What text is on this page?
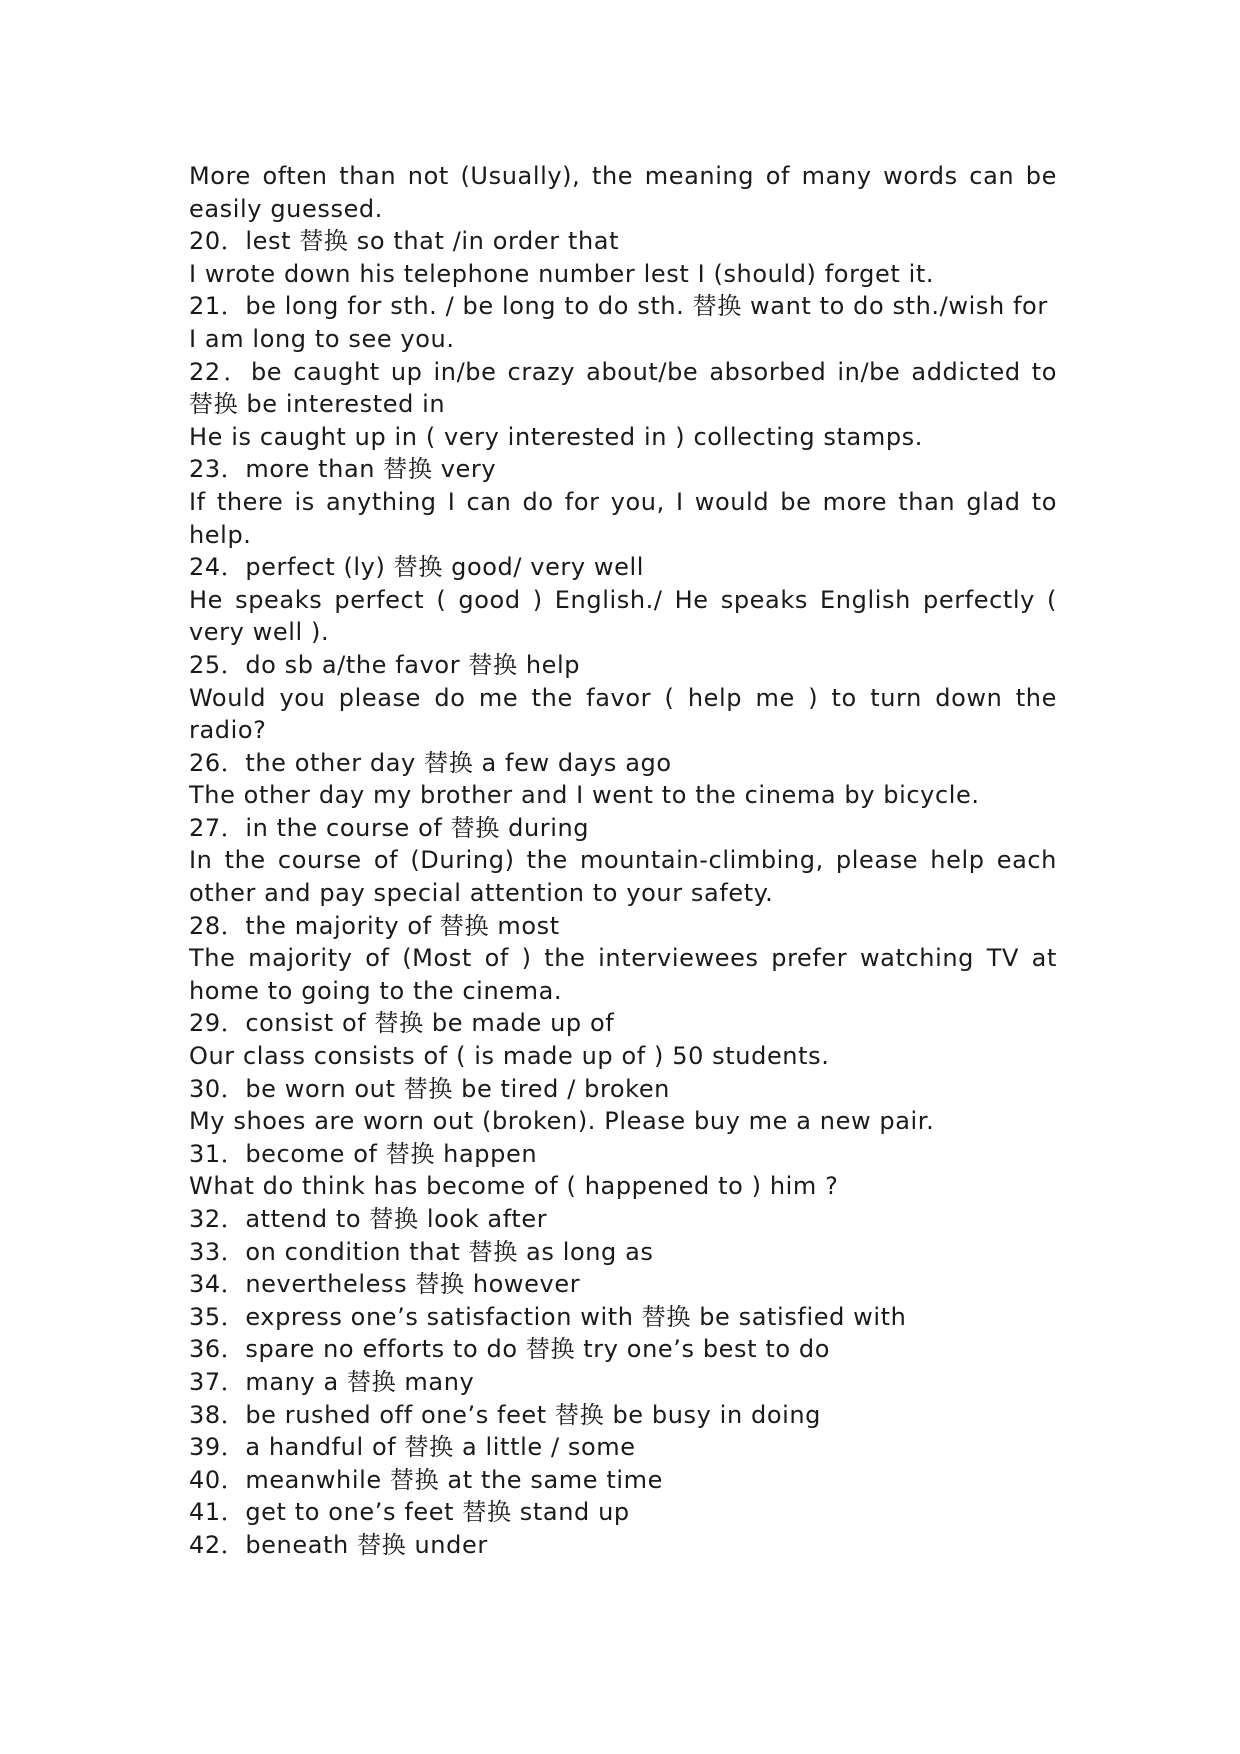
More often than not (Usually), the meaning of many words can be easily guessed.

20．lest 替换 so that /in order that

I wrote down his telephone number lest I (should) forget it.

21．be long for sth. / be long to do sth. 替换 want to do sth./wish for

I am long to see you.

22．be caught up in/be crazy about/be absorbed in/be addicted to 替换 be interested in

He is caught up in ( very interested in ) collecting stamps.

23．more than 替换 very

If there is anything I can do for you, I would be more than glad to help.

24．perfect (ly) 替换 good/ very well

He speaks perfect ( good ) English./ He speaks English perfectly ( very well ).

25．do sb a/the favor 替换 help

Would you please do me the favor ( help me ) to turn down the radio?

26．the other day 替换 a few days ago

The other day my brother and I went to the cinema by bicycle.

27．in the course of 替换 during

In the course of (During) the mountain-climbing, please help each other and pay special attention to your safety.

28．the majority of 替换 most

The majority of (Most of ) the interviewees prefer watching TV at home to going to the cinema.

29．consist of 替换 be made up of

Our class consists of ( is made up of ) 50 students.

30．be worn out 替换 be tired / broken

My shoes are worn out (broken). Please buy me a new pair.

31．become of 替换 happen

What do think has become of ( happened to ) him ?

32．attend to 替换 look after

33．on condition that 替换 as long as

34．nevertheless 替换 however

35．express one’s satisfaction with 替换 be satisfied with

36．spare no efforts to do 替换 try one’s best to do

37．many a 替换 many

38．be rushed off one’s feet 替换 be busy in doing

39．a handful of 替换 a little / some

40．meanwhile 替换 at the same time

41．get to one’s feet 替换 stand up

42．beneath 替换 under
